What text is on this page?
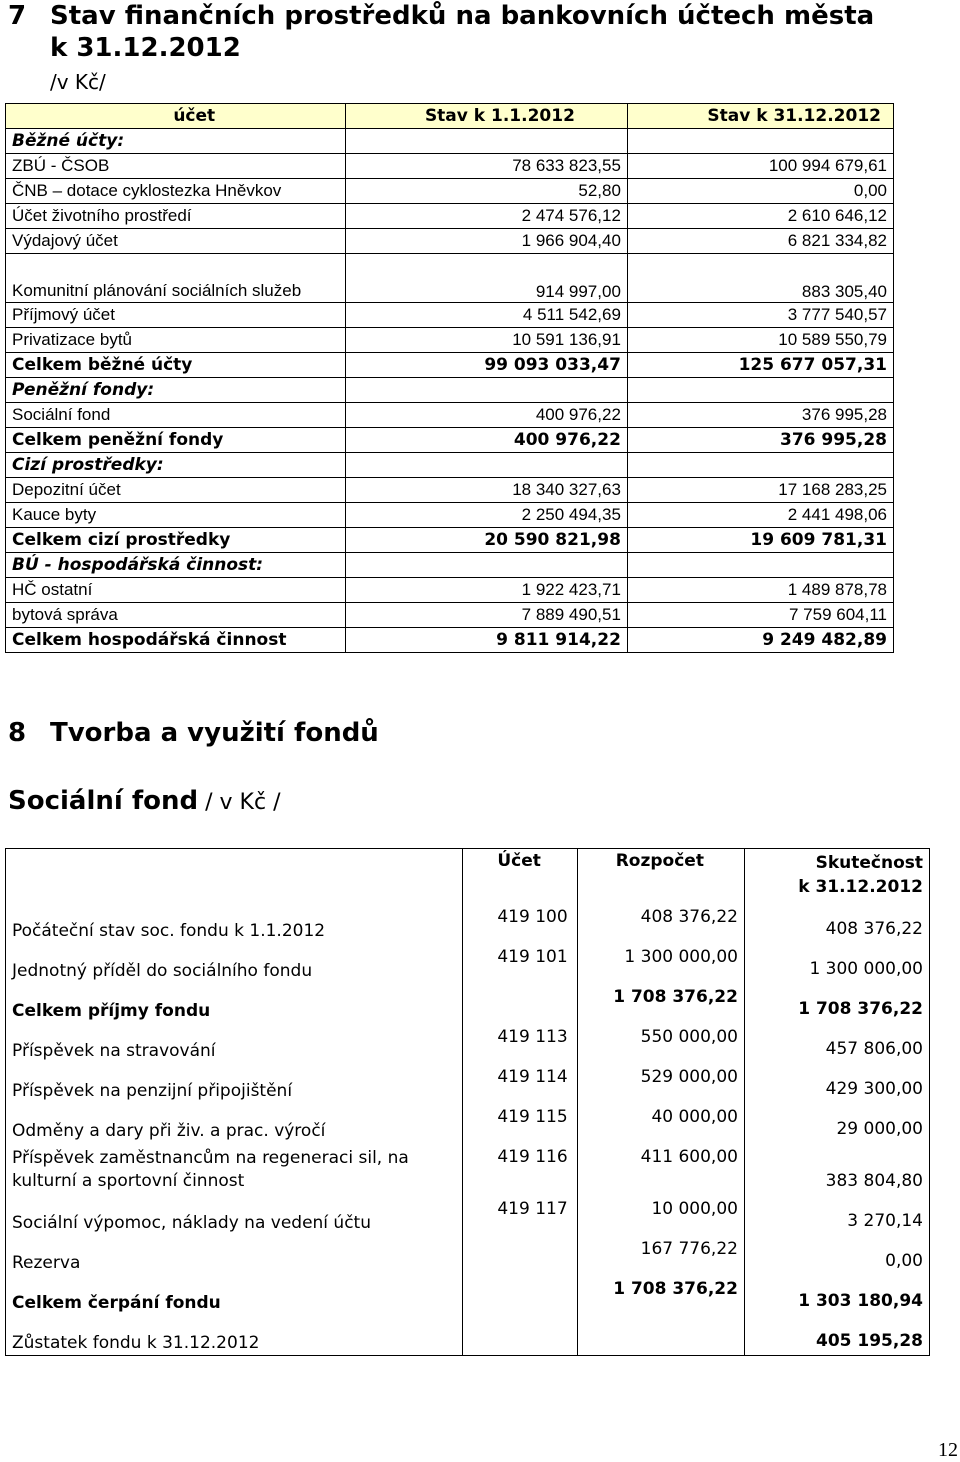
7 Stav finančních prostředků na bankovních účtech města
k 31.12.2012
/v Kč/
účet	Stav k 1.1.2012	Stav k 31.12.2012
Běžné účty:		
ZBÚ - ČSOB	78 633 823,55	100 994 679,61
ČNB – dotace cyklostezka Hněvkov	52,80	0,00
Účet životního prostředí	2 474 576,12	2 610 646,12
Výdajový účet	1 966 904,40	6 821 334,82
Komunitní plánování sociálních služeb	914 997,00	883 305,40
Příjmový účet	4 511 542,69	3 777 540,57
Privatizace bytů	10 591 136,91	10 589 550,79
Celkem běžné účty	99 093 033,47	125 677 057,31
Peněžní fondy:		
Sociální fond	400 976,22	376 995,28
Celkem peněžní fondy	400 976,22	376 995,28
Cizí prostředky:		
Depozitní účet	18 340 327,63	17 168 283,25
Kauce byty	2 250 494,35	2 441 498,06
Celkem cizí prostředky	20 590 821,98	19 609 781,31
BÚ - hospodářská činnost:		
HČ ostatní	1 922 423,71	1 489 878,78
bytová správa	7 889 490,51	7 759 604,11
Celkem hospodářská činnost	9 811 914,22	9 249 482,89
8 Tvorba a využití fondů
Sociální fond / v Kč /
	Účet	Rozpočet	Skutečnost
k 31.12.2012

Počáteční stav soc. fondu k 1.1.2012	419 100	408 376,22	408 376,22
Jednotný příděl do sociálního fondu	419 101	1 300 000,00	1 300 000,00
Celkem příjmy fondu		1 708 376,22	1 708 376,22
Příspěvek na stravování	419 113	550 000,00	457 806,00
Příspěvek na penzijní připojištění	419 114	529 000,00	429 300,00
Odměny a dary při živ. a prac. výročí	419 115	40 000,00	29 000,00
Příspěvek zaměstnancům na regeneraci sil, na kulturní a sportovní činnost	419 116	411 600,00	383 804,80
Sociální výpomoc, náklady na vedení účtu	419 117	10 000,00	3 270,14
Rezerva		167 776,22	0,00
Celkem čerpání fondu		1 708 376,22	1 303 180,94
Zůstatek fondu k 31.12.2012			405 195,28
12
